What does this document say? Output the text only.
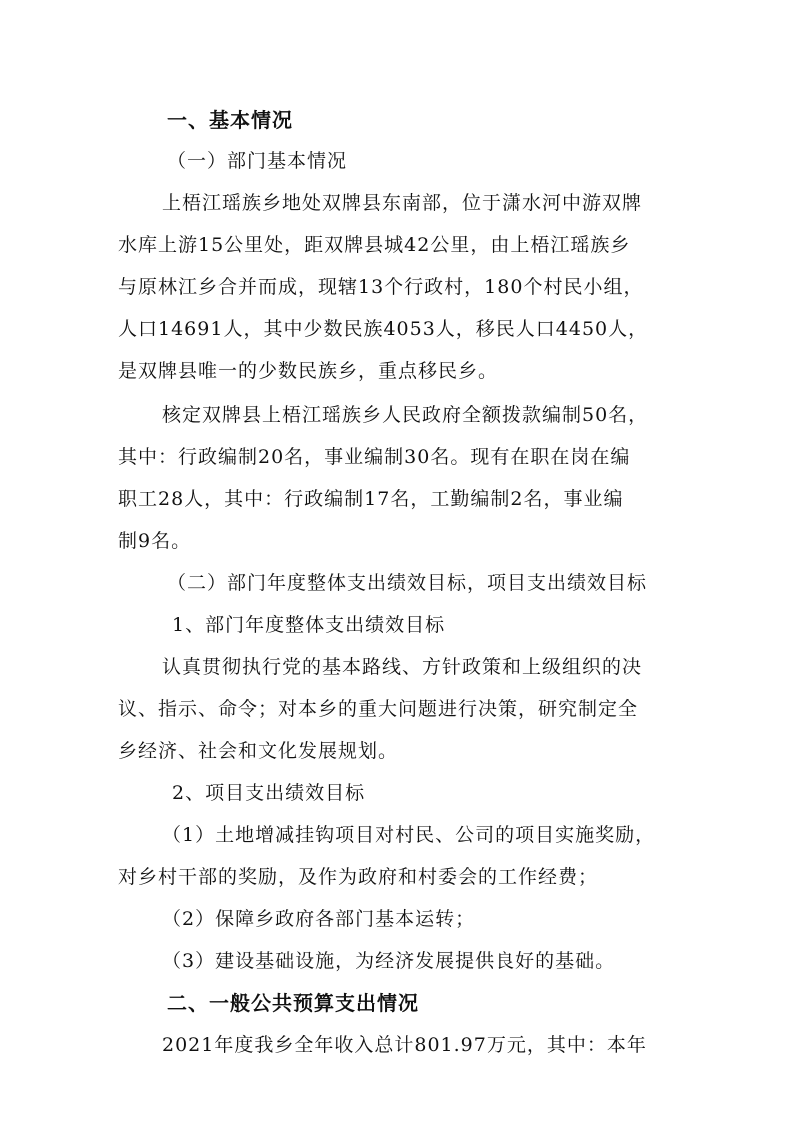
一、基本情况
（一）部门基本情况
上梧江瑶族乡地处双牌县东南部，位于潇水河中游双牌
水库上游15公里处，距双牌县城42公里，由上梧江瑶族乡
与原林江乡合并而成，现辖13个行政村，180个村民小组，
人口14691人，其中少数民族4053人，移民人口4450人，
是双牌县唯一的少数民族乡，重点移民乡。
核定双牌县上梧江瑶族乡人民政府全额拨款编制50名，
其中：行政编制20名，事业编制30名。现有在职在岗在编
职工28人，其中：行政编制17名，工勤编制2名，事业编
制9名。
（二）部门年度整体支出绩效目标，项目支出绩效目标
1、部门年度整体支出绩效目标
认真贯彻执行党的基本路线、方针政策和上级组织的决
议、指示、命令；对本乡的重大问题进行决策，研究制定全
乡经济、社会和文化发展规划。
2、项目支出绩效目标
（1）土地增减挂钩项目对村民、公司的项目实施奖励，
对乡村干部的奖励，及作为政府和村委会的工作经费；
（2）保障乡政府各部门基本运转；
（3）建设基础设施，为经济发展提供良好的基础。
二、一般公共预算支出情况
2021年度我乡全年收入总计801.97万元，其中：本年
